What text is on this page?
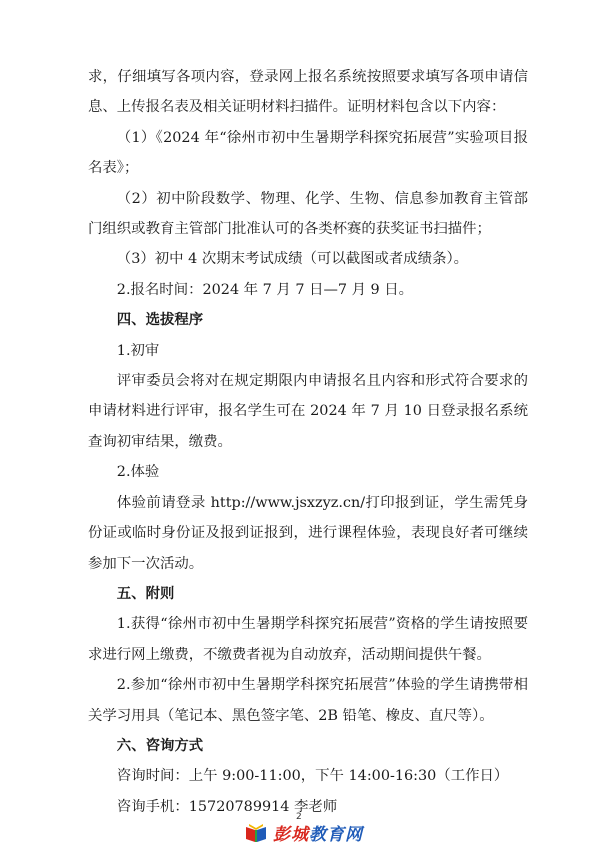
求，仔细填写各项内容，登录网上报名系统按照要求填写各项申请信息、上传报名表及相关证明材料扫描件。证明材料包含以下内容：

（1）《2024 年“徐州市初中生暑期学科探究拓展营”实验项目报名表》；

（2）初中阶段数学、物理、化学、生物、信息参加教育主管部门组织或教育主管部门批准认可的各类杯赛的获奖证书扫描件；

（3）初中 4 次期末考试成绩（可以截图或者成绩条）。

2.报名时间：2024 年 7 月 7 日—7 月 9 日。

四、选拔程序

1.初审

评审委员会将对在规定期限内申请报名且内容和形式符合要求的申请材料进行评审，报名学生可在 2024 年 7 月 10 日登录报名系统查询初审结果，缴费。

2.体验

体验前请登录 http://www.jsxzyz.cn/打印报到证，学生需凭身份证或临时身份证及报到证报到，进行课程体验，表现良好者可继续参加下一次活动。

五、附则

1.获得“徐州市初中生暑期学科探究拓展营”资格的学生请按照要求进行网上缴费，不缴费者视为自动放弃，活动期间提供午餐。

2.参加“徐州市初中生暑期学科探究拓展营”体验的学生请携带相关学习用具（笔记本、黑色签字笔、2B 铅笔、橡皮、直尺等）。

六、咨询方式

咨询时间：上午 9:00-11:00，下午 14:00-16:30（工作日）

咨询手机：15720789914 李老师

2
彭城教育网
